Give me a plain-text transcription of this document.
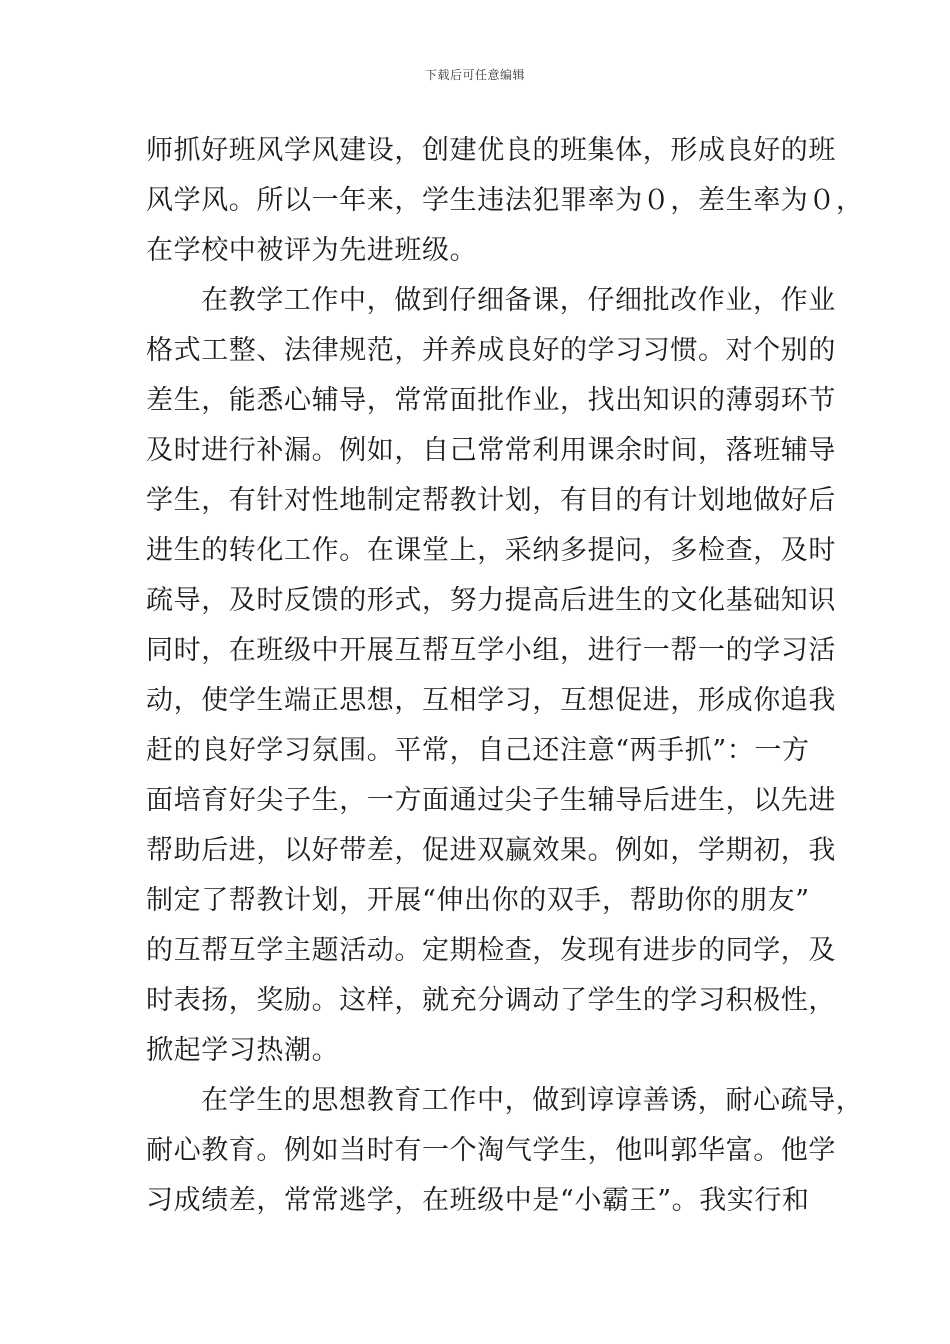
下载后可任意编辑
师抓好班风学风建设，创建优良的班集体，形成良好的班
风学风。所以一年来，学生违法犯罪率为０，差生率为０，
在学校中被评为先进班级。
在教学工作中，做到仔细备课，仔细批改作业，作业
格式工整、法律规范，并养成良好的学习习惯。对个别的
差生，能悉心辅导，常常面批作业，找出知识的薄弱环节
及时进行补漏。例如，自己常常利用课余时间，落班辅导
学生，有针对性地制定帮教计划，有目的有计划地做好后
进生的转化工作。在课堂上，采纳多提问，多检查，及时
疏导，及时反馈的形式，努力提高后进生的文化基础知识
同时，在班级中开展互帮互学小组，进行一帮一的学习活
动，使学生端正思想，互相学习，互想促进，形成你追我
赶的良好学习氛围。平常，自己还注意“两手抓”：一方
面培育好尖子生，一方面通过尖子生辅导后进生，以先进
帮助后进，以好带差，促进双赢效果。例如，学期初，我
制定了帮教计划，开展“伸出你的双手，帮助你的朋友”
的互帮互学主题活动。定期检查，发现有进步的同学，及
时表扬，奖励。这样，就充分调动了学生的学习积极性，
掀起学习热潮。
在学生的思想教育工作中，做到谆谆善诱，耐心疏导，
耐心教育。例如当时有一个淘气学生，他叫郭华富。他学
习成绩差，常常逃学，在班级中是“小霸王”。我实行和
